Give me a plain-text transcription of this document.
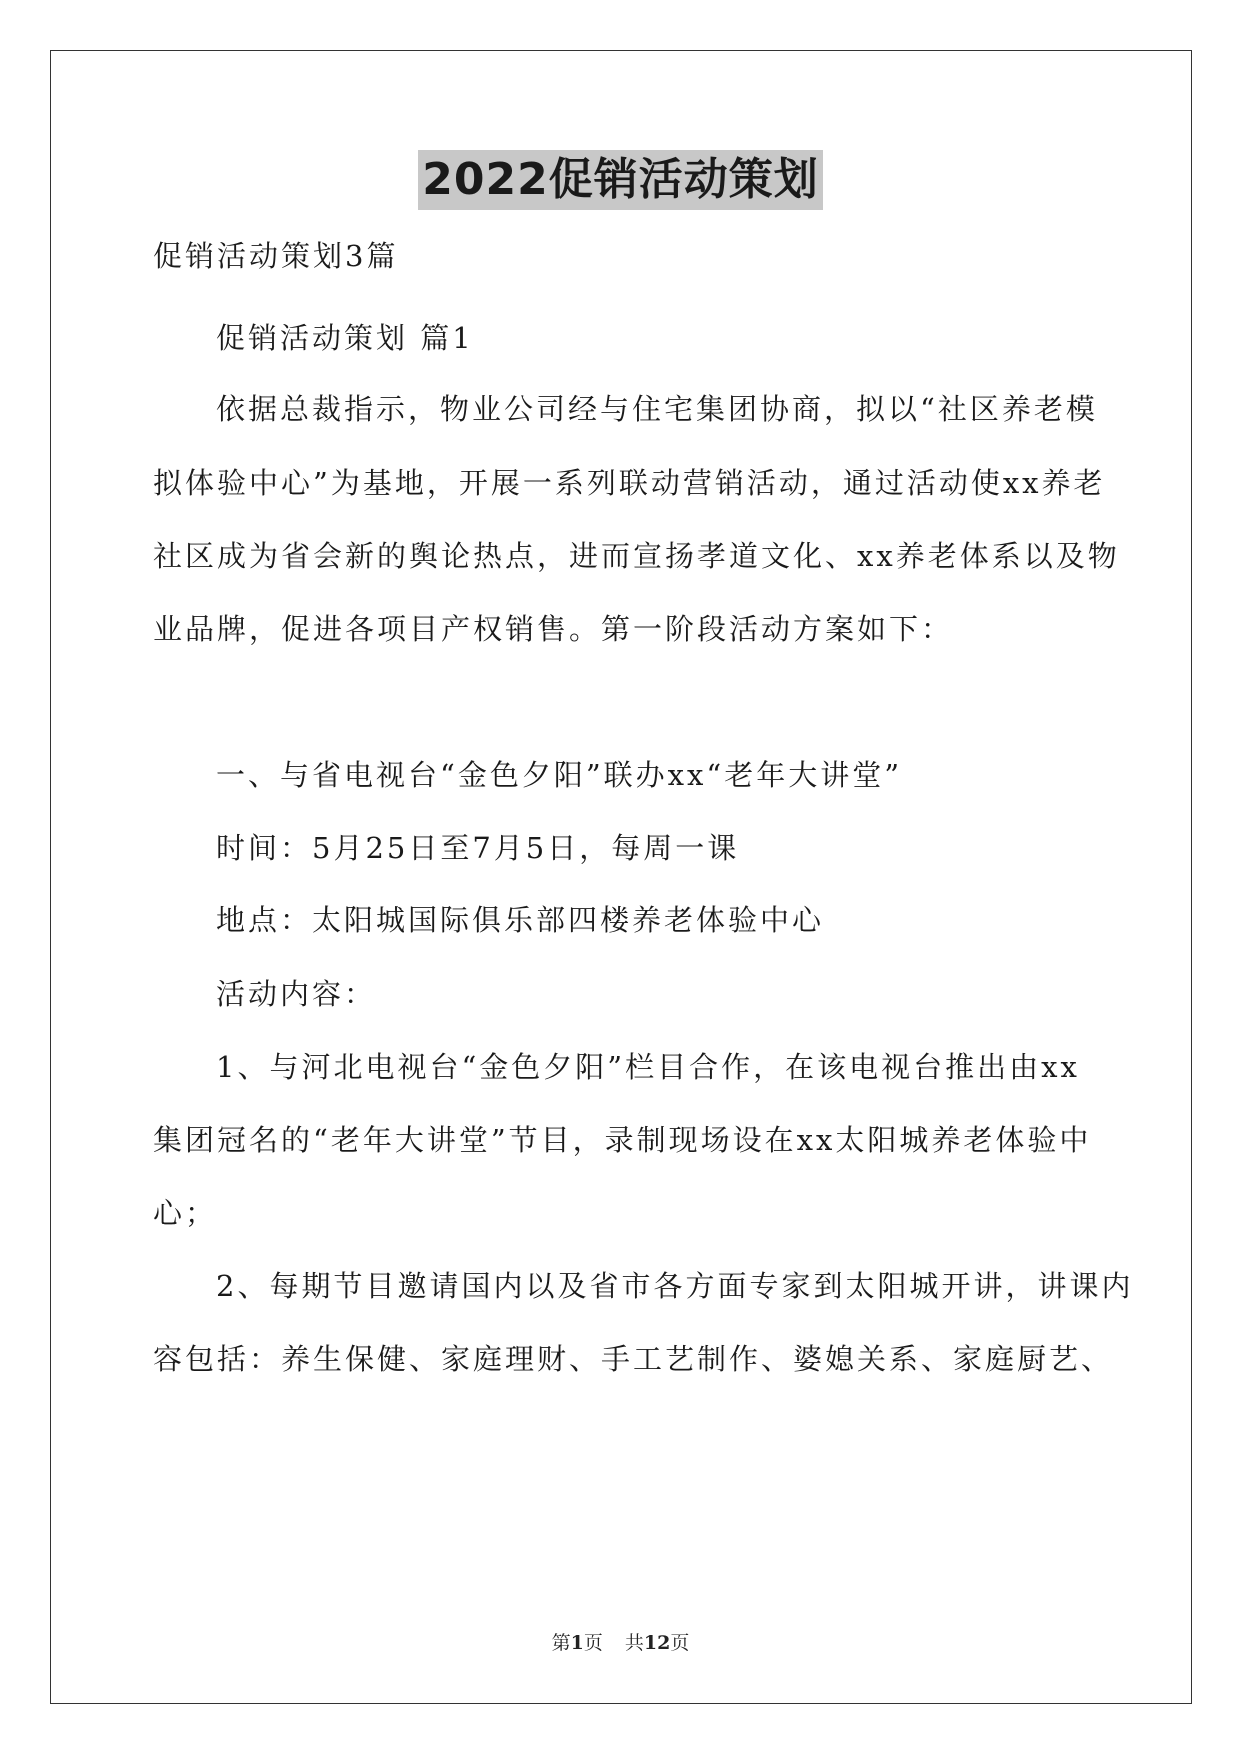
2022促销活动策划
促销活动策划3篇
促销活动策划 篇1
依据总裁指示，物业公司经与住宅集团协商，拟以“社区养老模
拟体验中心”为基地，开展一系列联动营销活动，通过活动使xx养老
社区成为省会新的舆论热点，进而宣扬孝道文化、xx养老体系以及物
业品牌，促进各项目产权销售。第一阶段活动方案如下：
一、与省电视台“金色夕阳”联办xx“老年大讲堂”
时间：5月25日至7月5日，每周一课
地点：太阳城国际俱乐部四楼养老体验中心
活动内容：
1、与河北电视台“金色夕阳”栏目合作，在该电视台推出由xx
集团冠名的“老年大讲堂”节目，录制现场设在xx太阳城养老体验中
心；
2、每期节目邀请国内以及省市各方面专家到太阳城开讲，讲课内
容包括：养生保健、家庭理财、手工艺制作、婆媳关系、家庭厨艺、
第1页 共12页
